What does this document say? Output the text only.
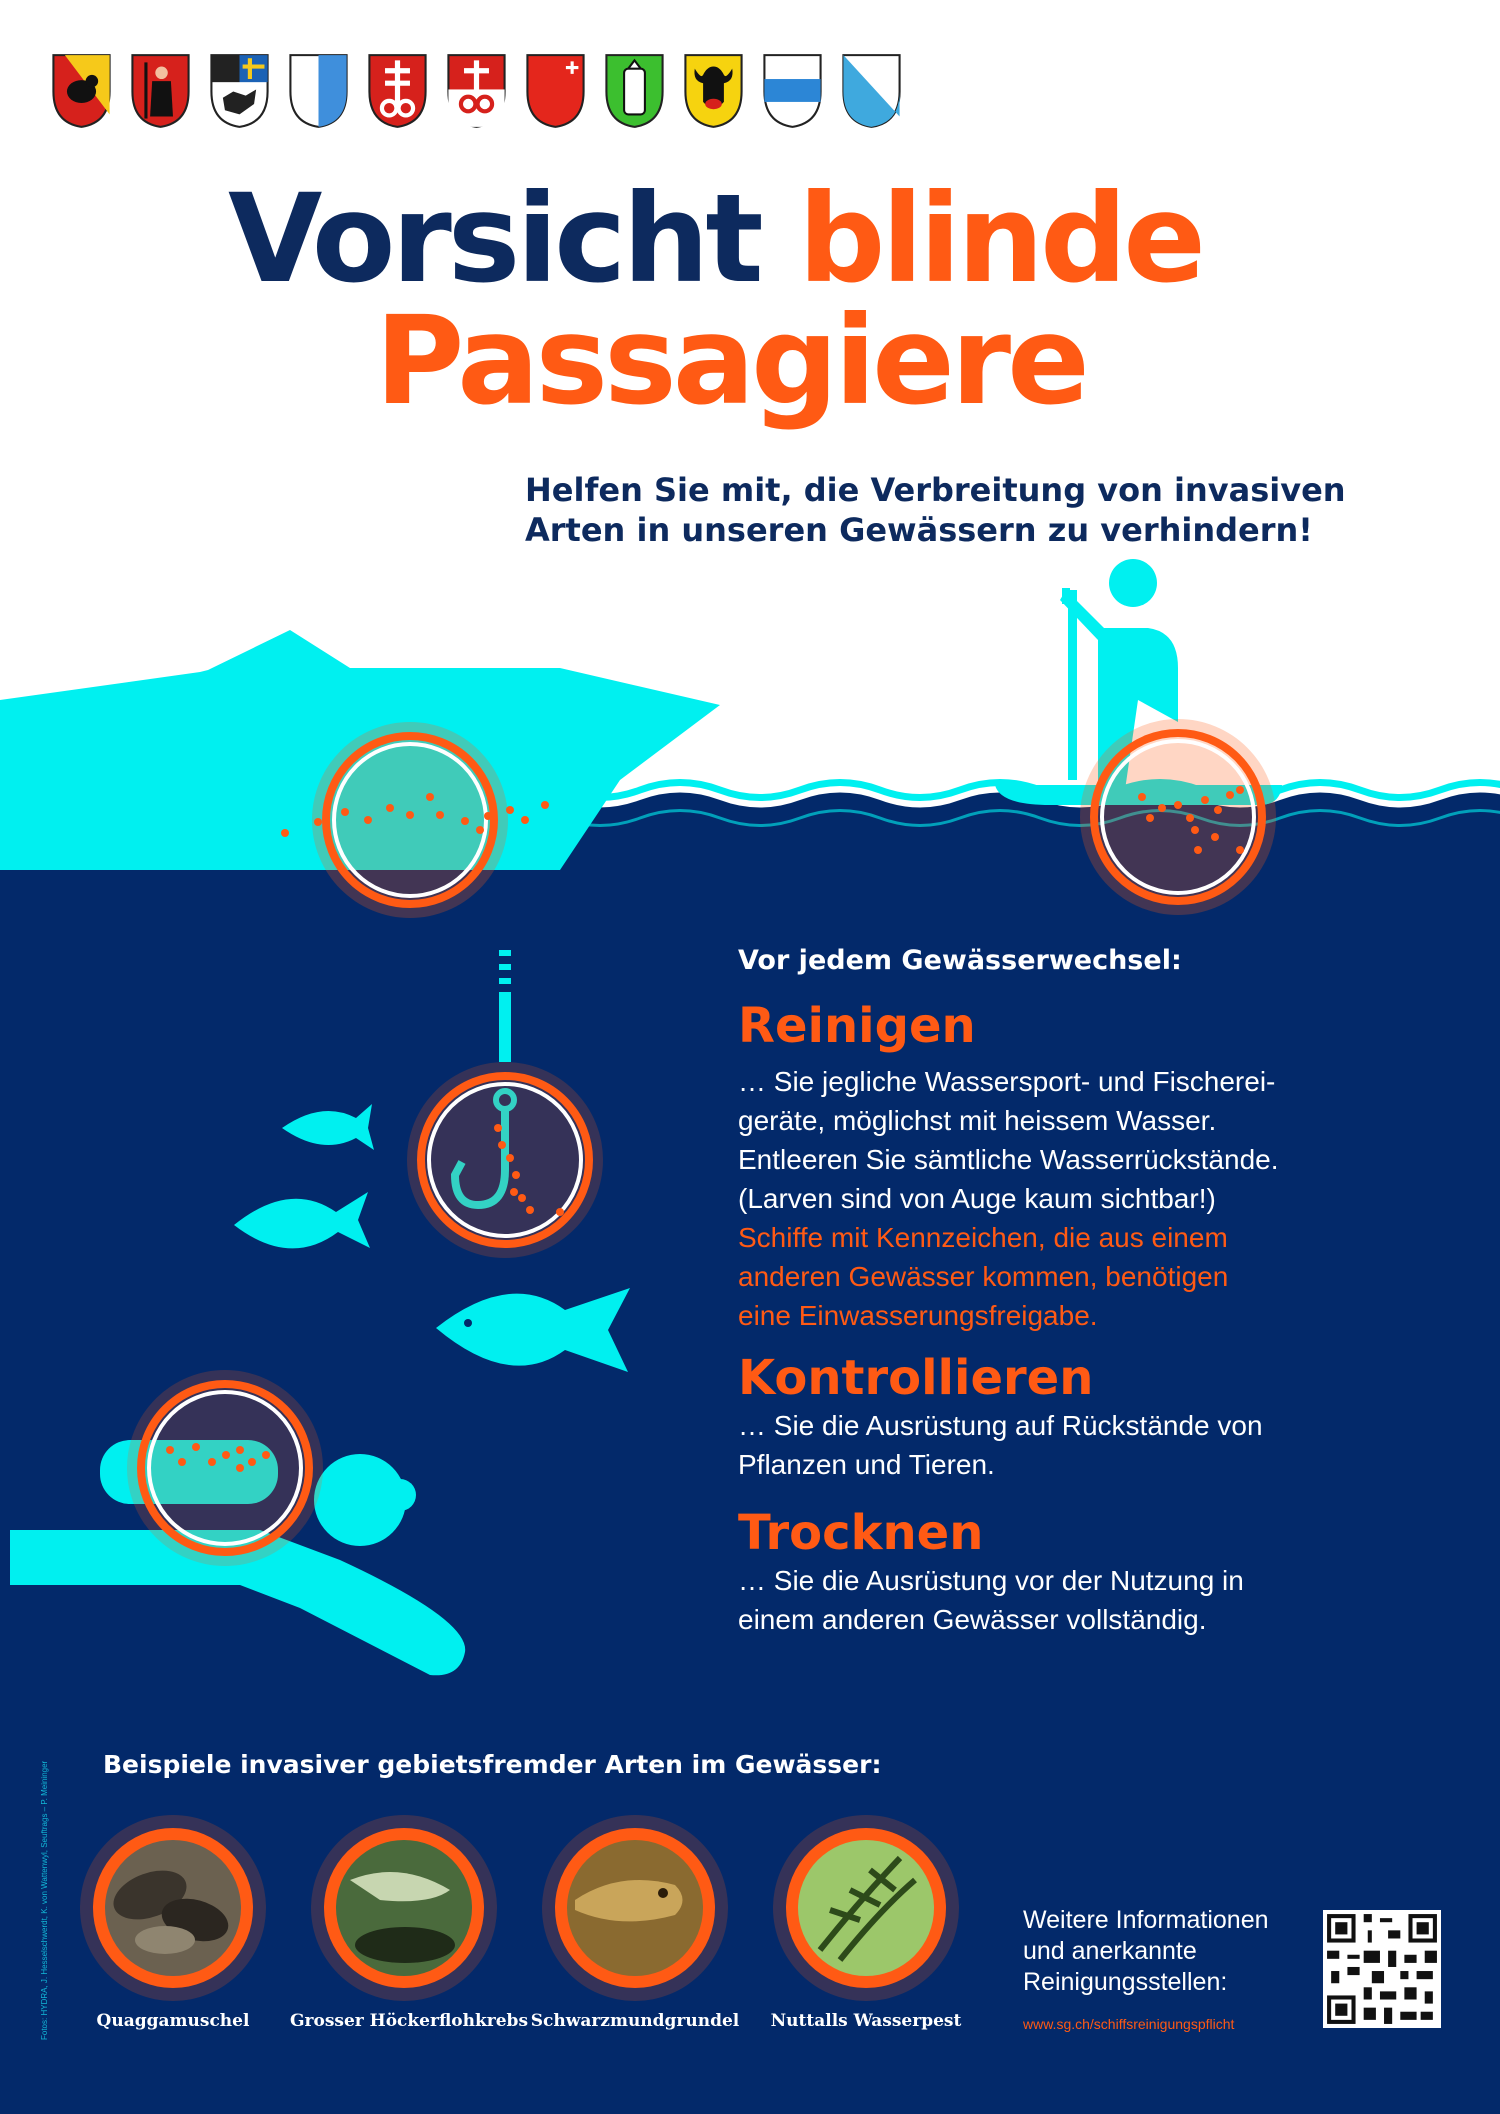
Vorsicht blinde
Passagiere
Helfen Sie mit, die Verbreitung von invasiven
Arten in unseren Gewässern zu verhindern!
Vor jedem Gewässerwechsel:
Reinigen
… Sie jegliche Wassersport- und Fischerei-
geräte, möglichst mit heissem Wasser.
Entleeren Sie sämtliche Wasserrückstände.
(Larven sind von Auge kaum sichtbar!)
Schiffe mit Kennzeichen, die aus einem
anderen Gewässer kommen, benötigen
eine Einwasserungsfreigabe.
Kontrollieren
… Sie die Ausrüstung auf Rückstände von
Pflanzen und Tieren.
Trocknen
… Sie die Ausrüstung vor der Nutzung in
einem anderen Gewässer vollständig.
Fotos: HYDRA, J. Hesselschwerdt, K. von Wattenwyl, Seuftrags – P. Meininger Beispiele invasiver gebietsfremder Arten im Gewässer:
Quaggamuschel	Grosser Höckerflohkrebs Schwarzmundgrundel	Nuttalls Wasserpest
Weitere Informationen
und anerkannte
Reinigungsstellen:
www.sg.ch/schiffsreinigungspflicht
